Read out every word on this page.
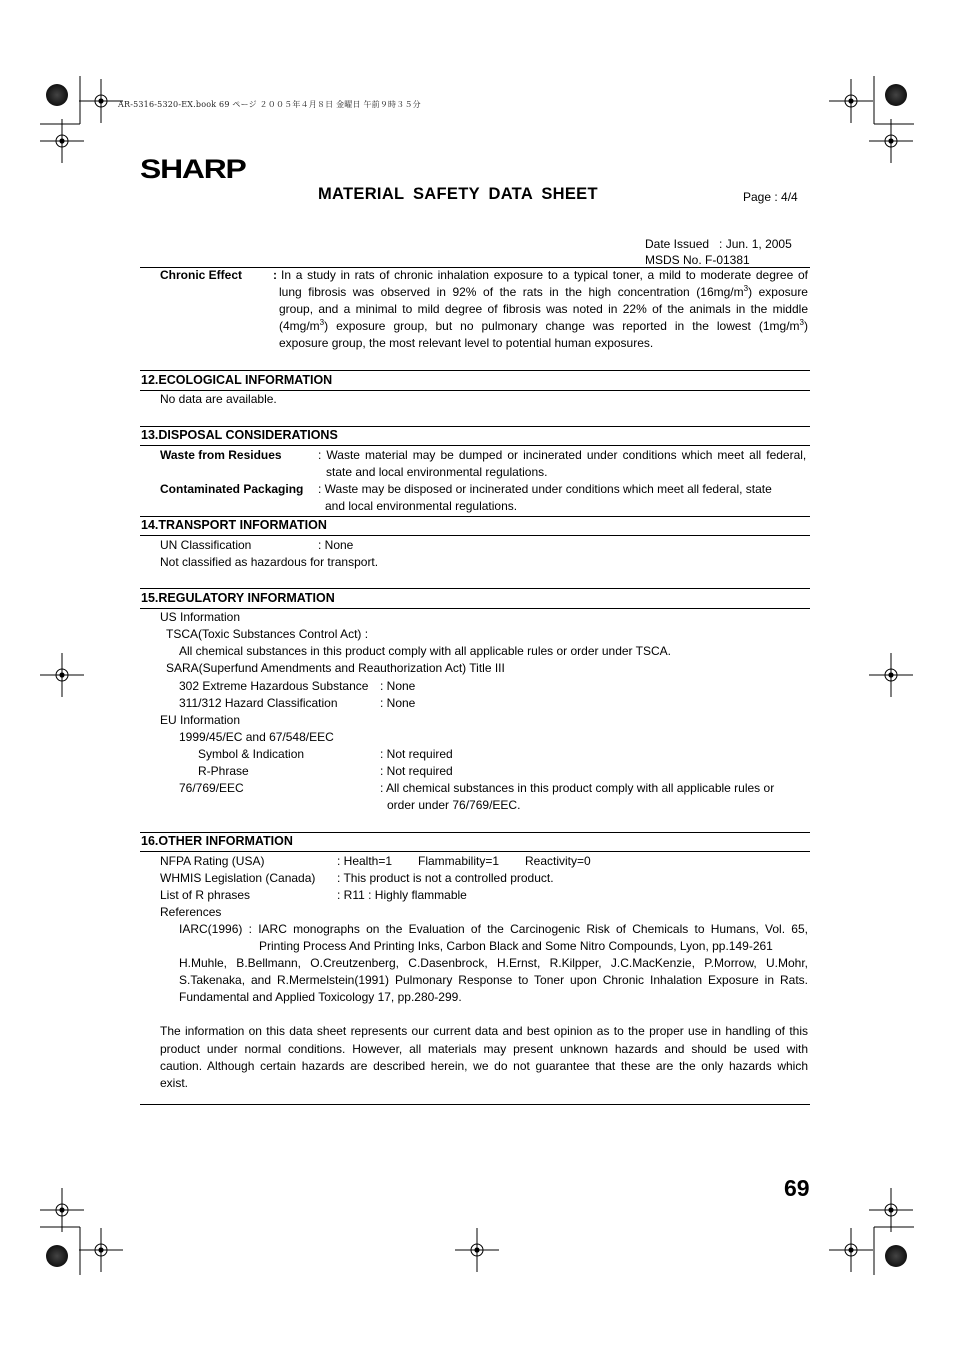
AR-5316-5320-EX.book 69 ページ ２００５年４月８日 金曜日 午前９時３５分
SHARP
MATERIAL SAFETY DATA SHEET	Page : 4/4
Date Issued   : Jun. 1, 2005
MSDS No. F-01381
Chronic Effect	: In a study in rats of chronic inhalation exposure to a typical toner, a mild to moderate degree of
lung fibrosis was observed in 92% of the rats in the high concentration $(16mg/m^3)$ exposure
group, and a minimal to mild degree of fibrosis was noted in 22% of the animals in the middle
$(4mg/m^3)$ exposure group, but no pulmonary change was reported in the lowest $(1mg/m^3)$
exposure group, the most relevant level to potential human exposures.
12.ECOLOGICAL INFORMATION
No data are available.
13.DISPOSAL CONSIDERATIONS
Waste from Residues	: Waste material may be dumped or incinerated under conditions which meet all federal,
state and local environmental regulations.
Contaminated Packaging : Waste may be disposed or incinerated under conditions which meet all federal, state
and local environmental regulations.
14.TRANSPORT INFORMATION
UN Classification	: None
Not classified as hazardous for transport.
15.REGULATORY INFORMATION
US Information
TSCA(Toxic Substances Control Act) :
All chemical substances in this product comply with all applicable rules or order under TSCA.
SARA(Superfund Amendments and Reauthorization Act) Title III
302 Extreme Hazardous Substance : None
311/312 Hazard Classification	: None
EU Information
1999/45/EC and 67/548/EEC
Symbol & Indication	: Not required
R-Phrase	: Not required
76/769/EEC	: All chemical substances in this product comply with all applicable rules or
order under 76/769/EEC.
16.OTHER INFORMATION
NFPA Rating (USA)	: Health=1 Flammability=1 Reactivity=0
WHMIS Legislation (Canada) : This product is not a controlled product.
List of R phrases	: R11 : Highly flammable
References
IARC(1996) : IARC monographs on the Evaluation of the Carcinogenic Risk of Chemicals to Humans, Vol. 65,
Printing Process And Printing Inks, Carbon Black and Some Nitro Compounds, Lyon, pp.149-261
H.Muhle, B.Bellmann, O.Creutzenberg, C.Dasenbrock, H.Ernst, R.Kilpper, J.C.MacKenzie, P.Morrow, U.Mohr,
S.Takenaka, and R.Mermelstein(1991) Pulmonary Response to Toner upon Chronic Inhalation Exposure in Rats.
Fundamental and Applied Toxicology 17, pp.280-299.
The information on this data sheet represents our current data and best opinion as to the proper use in handling of this
product under normal conditions. However, all materials may present unknown hazards and should be used with
caution. Although certain hazards are described herein, we do not guarantee that these are the only hazards which
exist.
69
